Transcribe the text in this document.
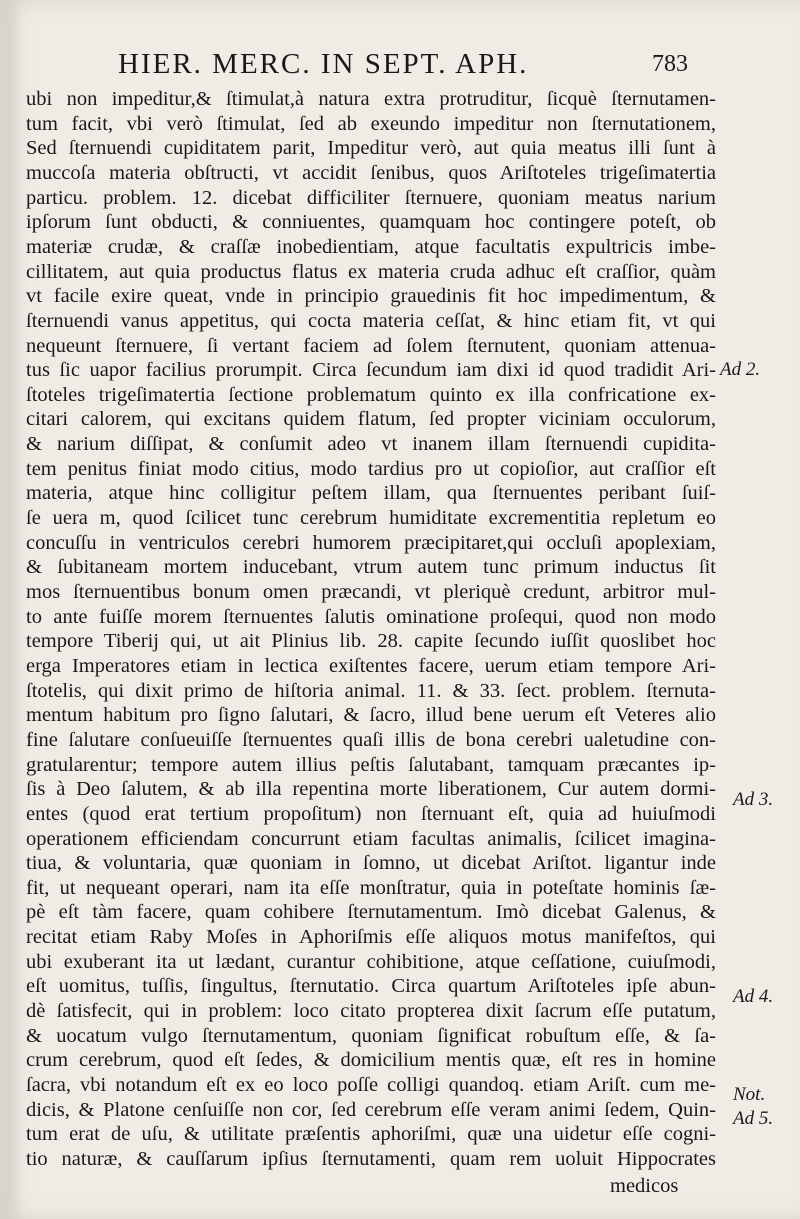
HIER. MERC. IN SEPT. APH.	783
ubi non impeditur,& ſtimulat,à natura extra protruditur, ſicquè ſternutamen-
tum facit, vbi verò ſtimulat, ſed ab exeundo impeditur non ſternutationem,
Sed ſternuendi cupiditatem parit, Impeditur verò, aut quia meatus illi ſunt à
muccoſa materia obſtructi, vt accidit ſenibus, quos Ariſtoteles trigeſimatertia
particu. problem. 12. dicebat difficiliter ſternuere, quoniam meatus narium
ipſorum ſunt obducti, & conniuentes, quamquam hoc contingere poteſt, ob
materiæ crudæ, & craſſæ inobedientiam, atque facultatis expultricis imbe-
cillitatem, aut quia productus flatus ex materia cruda adhuc eſt craſſior, quàm
vt facile exire queat, vnde in principio grauedinis fit hoc impedimentum, &
ſternuendi vanus appetitus, qui cocta materia ceſſat, & hinc etiam fit, vt qui
nequeunt ſternuere, ſi vertant faciem ad ſolem ſternutent, quoniam attenua-
tus ſic uapor facilius prorumpit. Circa ſecundum iam dixi id quod tradidit Ari-
ſtoteles trigeſimatertia ſectione problematum quinto ex illa confricatione ex-
citari calorem, qui excitans quidem flatum, ſed propter viciniam occulorum,
& narium diſſipat, & conſumit adeo vt inanem illam ſternuendi cupidita-
tem penitus finiat modo citius, modo tardius pro ut copioſior, aut craſſior eſt
materia, atque hinc colligitur peſtem illam, qua ſternuentes peribant ſuiſ-
ſe uera m, quod ſcilicet tunc cerebrum humiditate excrementitia repletum eo
concuſſu in ventriculos cerebri humorem præcipitaret,qui occluſi apoplexiam,
& ſubitaneam mortem inducebant, vtrum autem tunc primum inductus ſit
mos ſternuentibus bonum omen præcandi, vt pleriquè credunt, arbitror mul-
to ante fuiſſe morem ſternuentes ſalutis ominatione proſequi, quod non modo
tempore Tiberij qui, ut ait Plinius lib. 28. capite ſecundo iuſſit quoslibet hoc
erga Imperatores etiam in lectica exiſtentes facere, uerum etiam tempore Ari-
ſtotelis, qui dixit primo de hiſtoria animal. 11. & 33. ſect. problem. ſternuta-
mentum habitum pro ſigno ſalutari, & ſacro, illud bene uerum eſt Veteres alio
fine ſalutare conſueuiſſe ſternuentes quaſi illis de bona cerebri ualetudine con-
gratularentur; tempore autem illius peſtis ſalutabant, tamquam præcantes ip-
ſis à Deo ſalutem, & ab illa repentina morte liberationem, Cur autem dormi-
entes (quod erat tertium propoſitum) non ſternuant eſt, quia ad huiuſmodi
operationem efficiendam concurrunt etiam facultas animalis, ſcilicet imagina-
tiua, & voluntaria, quæ quoniam in ſomno, ut dicebat Ariſtot. ligantur inde
fit, ut nequeant operari, nam ita eſſe monſtratur, quia in poteſtate hominis ſæ-
pè eſt tàm facere, quam cohibere ſternutamentum. Imò dicebat Galenus, &
recitat etiam Raby Moſes in Aphoriſmis eſſe aliquos motus manifeſtos, qui
ubi exuberant ita ut lædant, curantur cohibitione, atque ceſſatione, cuiuſmodi,
eſt uomitus, tuſſis, ſingultus, ſternutatio. Circa quartum Ariſtoteles ipſe abun-
dè ſatisfecit, qui in problem: loco citato propterea dixit ſacrum eſſe putatum,
& uocatum vulgo ſternutamentum, quoniam ſignificat robuſtum eſſe, & ſa-
crum cerebrum, quod eſt ſedes, & domicilium mentis quæ, eſt res in homine
ſacra, vbi notandum eſt ex eo loco poſſe colligi quandoq. etiam Ariſt. cum me-
dicis, & Platone cenſuiſſe non cor, ſed cerebrum eſſe veram animi ſedem, Quin-
tum erat de uſu, & utilitate præſentis aphoriſmi, quæ una uidetur eſſe cogni-
tio naturæ, & cauſſarum ipſius ſternutamenti, quam rem uoluit Hippocrates
medicos
Ad 2.
Ad 3.
Ad 4.
Not.
Ad 5.
